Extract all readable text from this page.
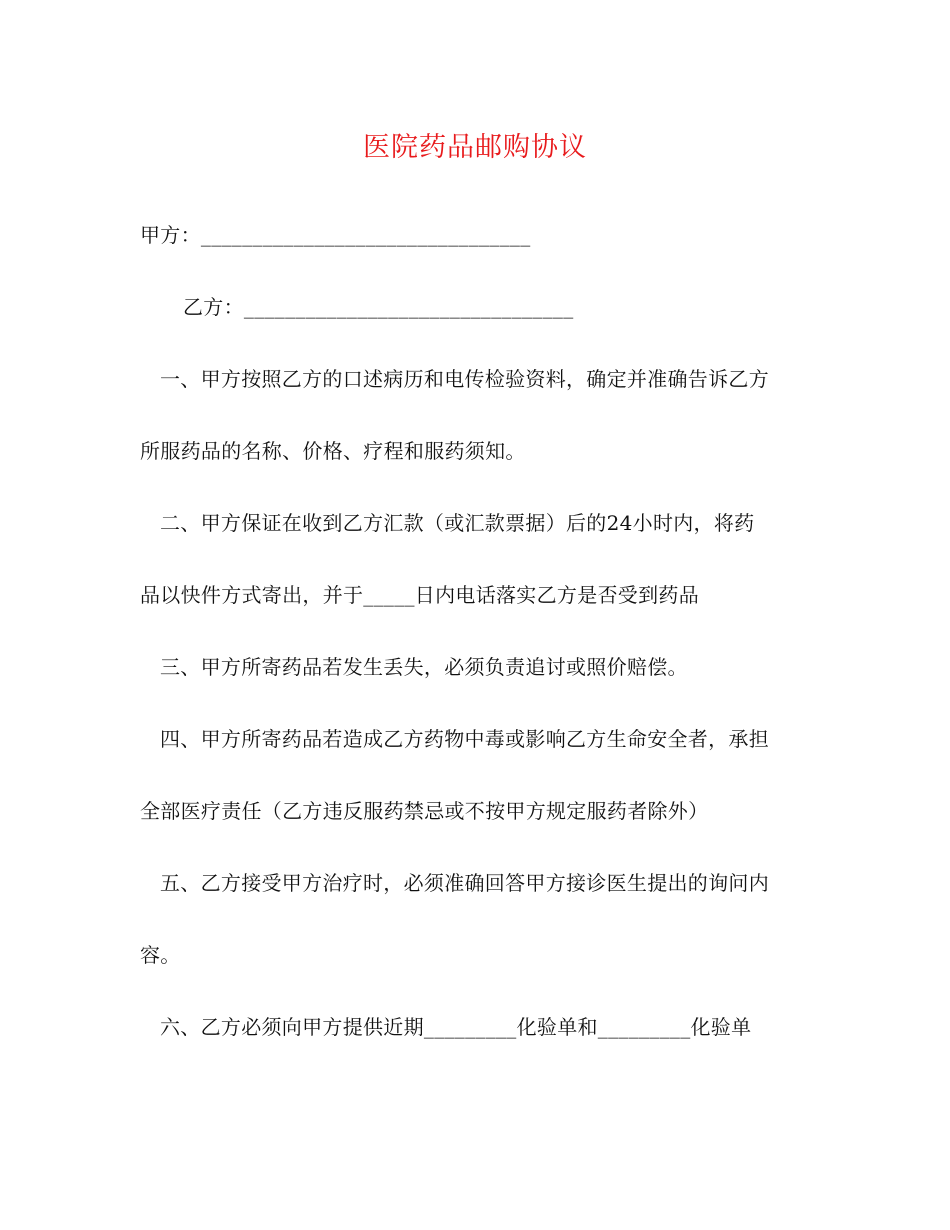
医院药品邮购协议
甲方：________________________________
乙方：________________________________
一、甲方按照乙方的口述病历和电传检验资料，确定并准确告诉乙方
所服药品的名称、价格、疗程和服药须知。
二、甲方保证在收到乙方汇款（或汇款票据）后的24小时内，将药
品以快件方式寄出，并于_____日内电话落实乙方是否受到药品
三、甲方所寄药品若发生丢失，必须负责追讨或照价赔偿。
四、甲方所寄药品若造成乙方药物中毒或影响乙方生命安全者，承担
全部医疗责任（乙方违反服药禁忌或不按甲方规定服药者除外）
五、乙方接受甲方治疗时，必须准确回答甲方接诊医生提出的询问内
容。
六、乙方必须向甲方提供近期_________化验单和_________化验单
